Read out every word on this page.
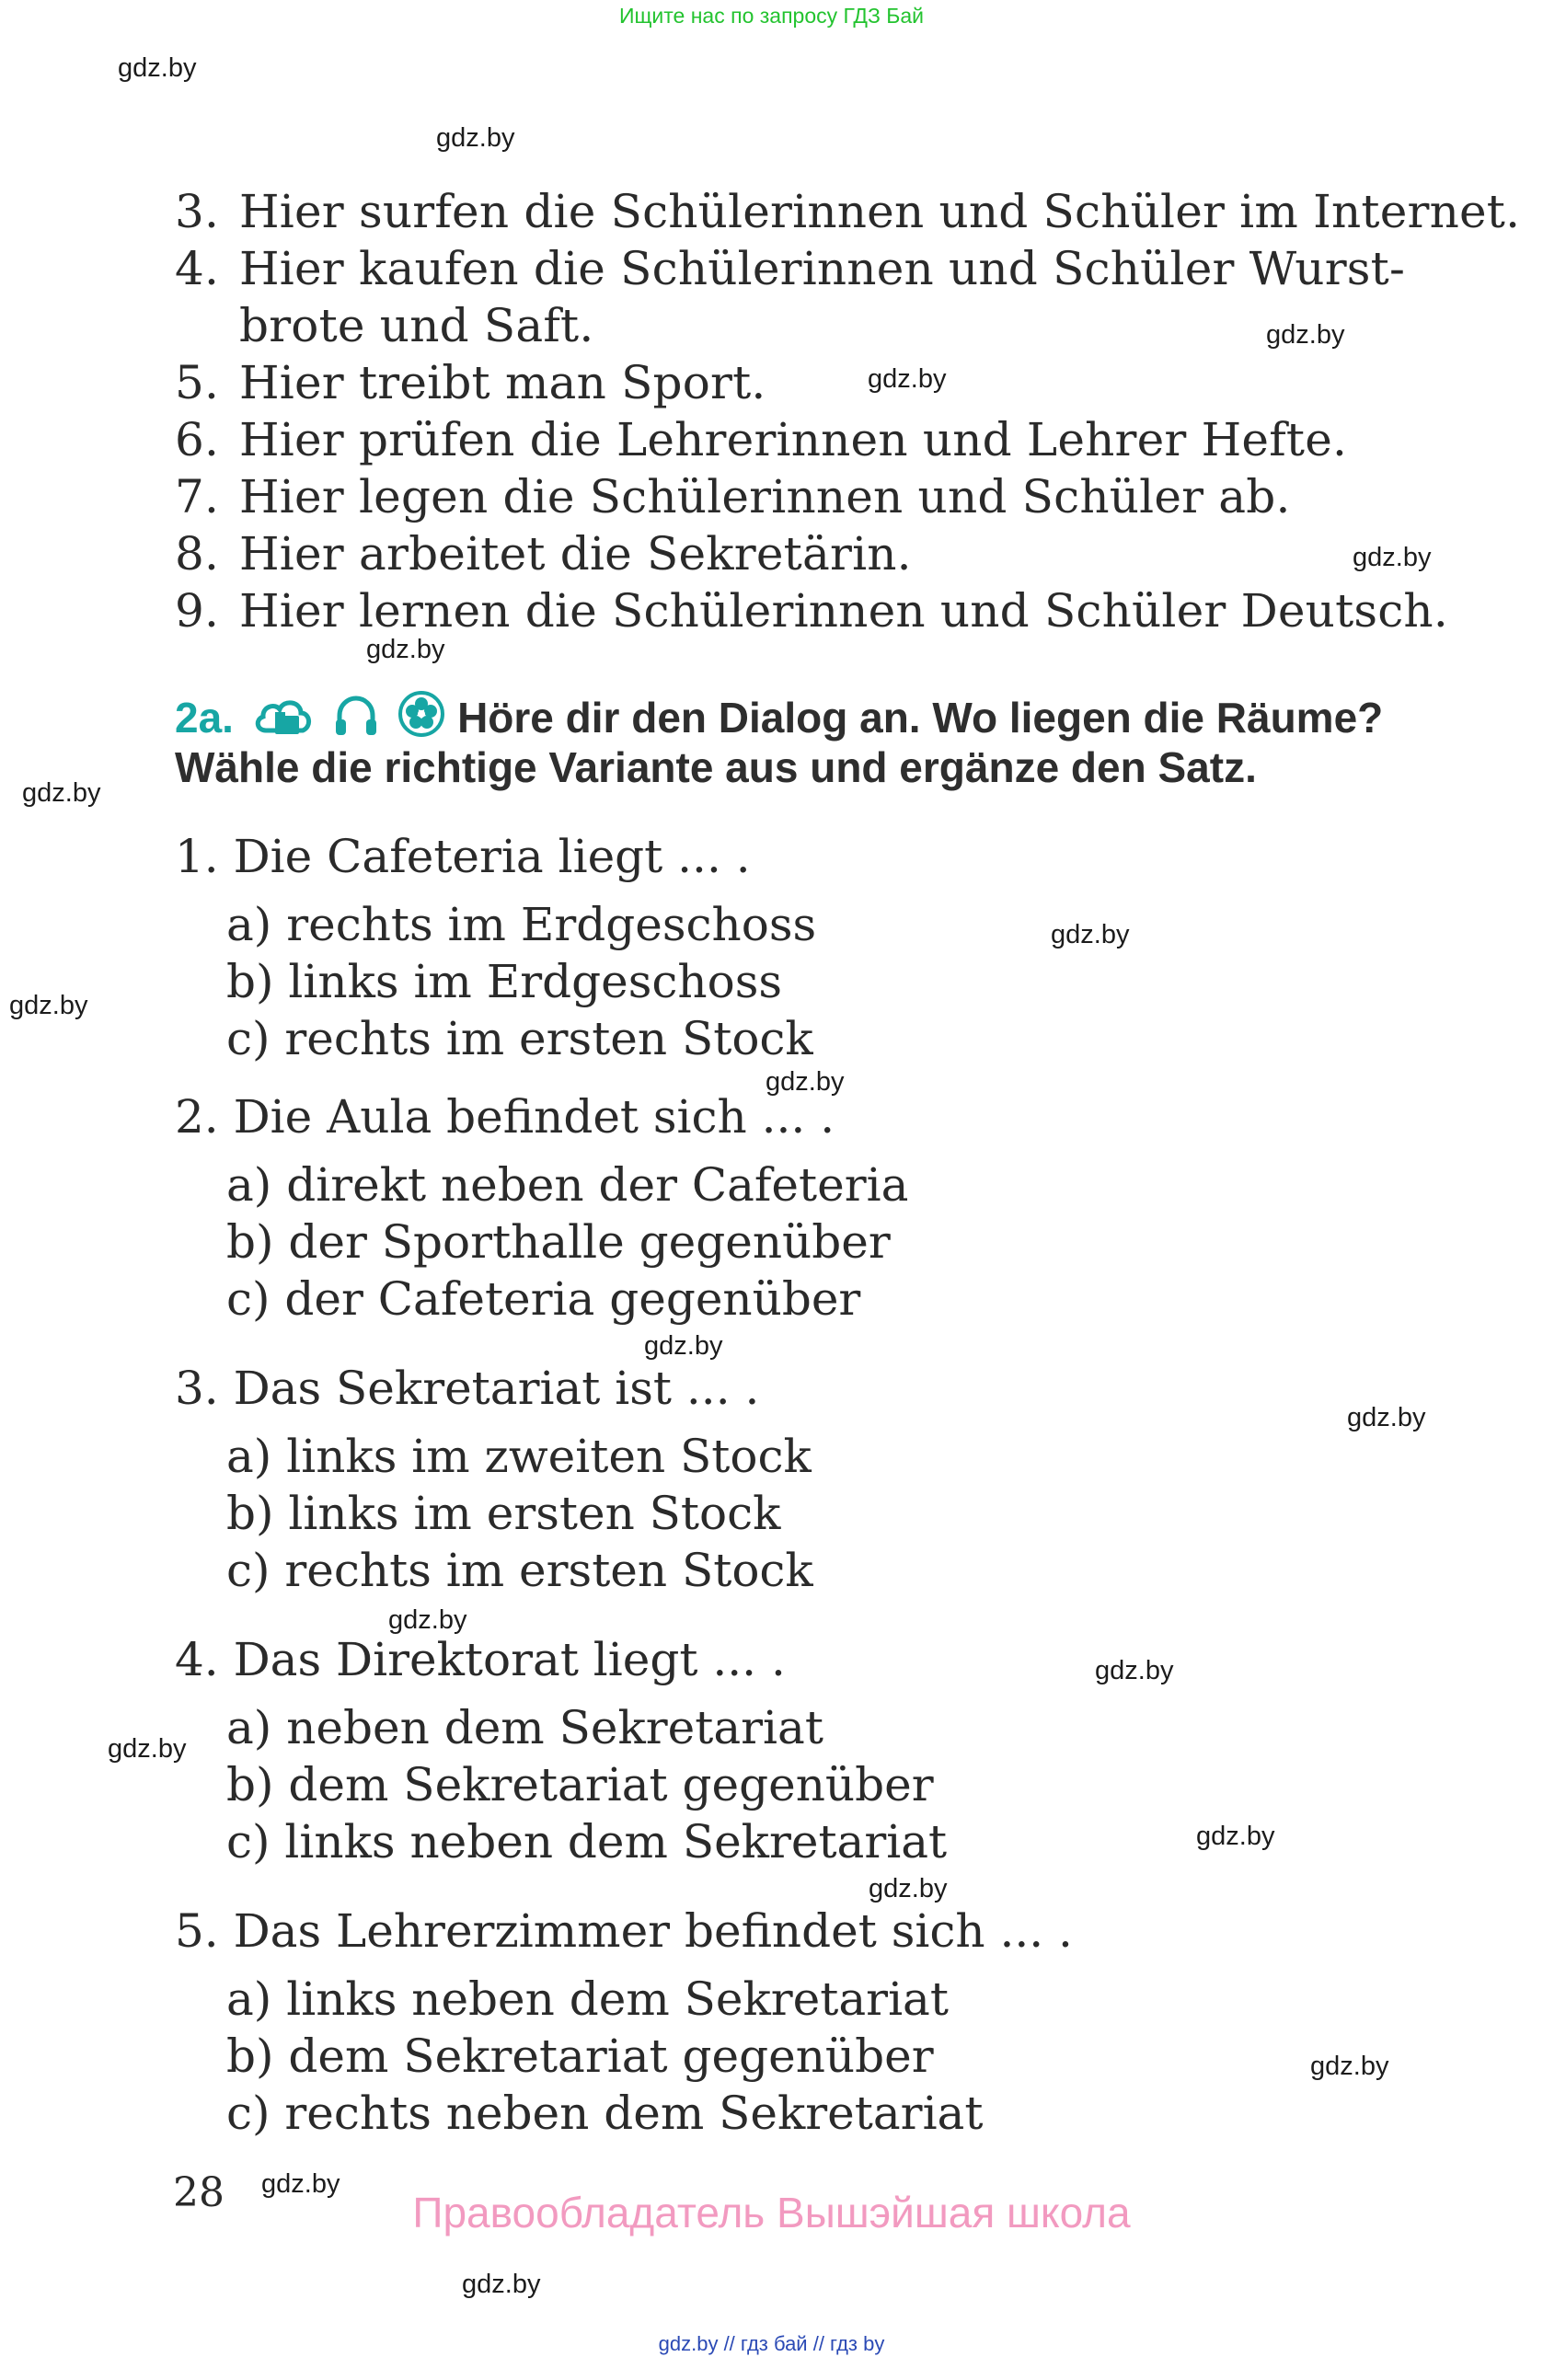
Ищите нас по запросу ГДЗ Бай
gdz.by
gdz.by
gdz.by
gdz.by
gdz.by
gdz.by
gdz.by
gdz.by
gdz.by
gdz.by
gdz.by
gdz.by
gdz.by
gdz.by
gdz.by
gdz.by
gdz.by
gdz.by
gdz.by
gdz.by
3. Hier surfen die Schülerinnen und Schüler im Internet.
4. Hier kaufen die Schülerinnen und Schüler Wurst-
brote und Saft.
5. Hier treibt man Sport.
6. Hier prüfen die Lehrerinnen und Lehrer Hefte.
7. Hier legen die Schülerinnen und Schüler ab.
8. Hier arbeitet die Sekretärin.
9. Hier lernen die Schülerinnen und Schüler Deutsch.
2a.	Höre dir den Dialog an. Wo liegen die Räume?
Wähle die richtige Variante aus und ergänze den Satz.
1. Die Cafeteria liegt ... .
a) rechts im Erdgeschoss
b) links im Erdgeschoss
c) rechts im ersten Stock
2. Die Aula befindet sich ... .
a) direkt neben der Cafeteria
b) der Sporthalle gegenüber
c) der Cafeteria gegenüber
3. Das Sekretariat ist ... .
a) links im zweiten Stock
b) links im ersten Stock
c) rechts im ersten Stock
4. Das Direktorat liegt ... .
a) neben dem Sekretariat
b) dem Sekretariat gegenüber
c) links neben dem Sekretariat
5. Das Lehrerzimmer befindet sich ... .
a) links neben dem Sekretariat
b) dem Sekretariat gegenüber
c) rechts neben dem Sekretariat
28	Правообладатель Вышэйшая школа
gdz.by // гдз бай // гдз by
